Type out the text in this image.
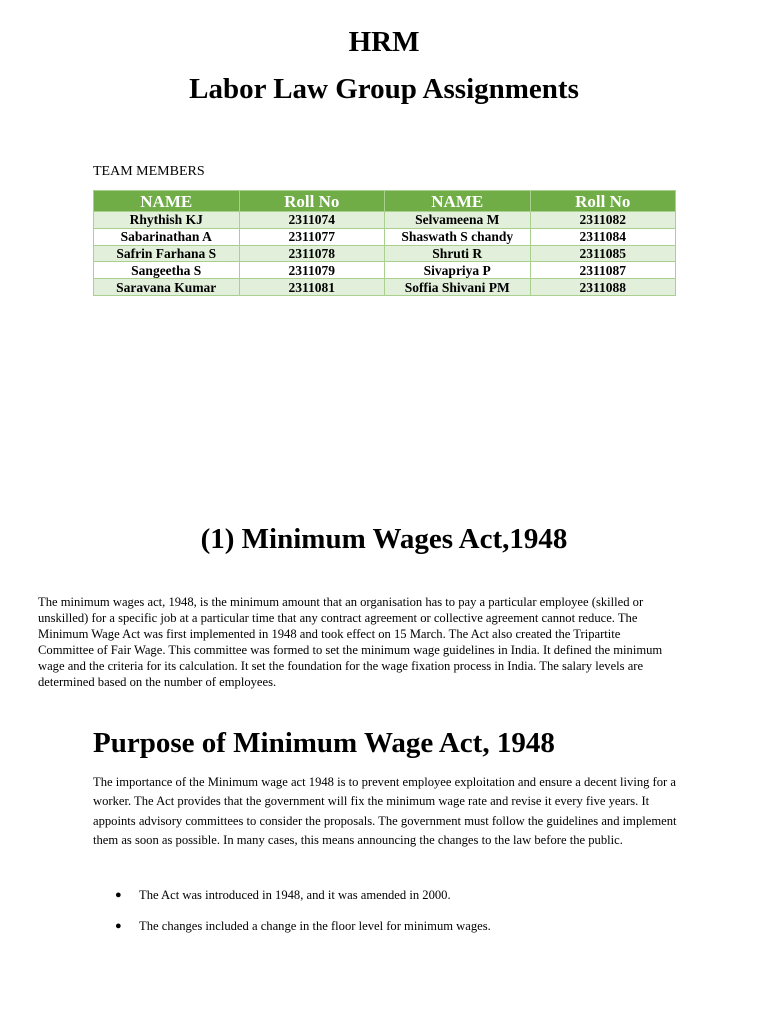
HRM
Labor Law Group Assignments
TEAM MEMBERS
NAME	Roll No	NAME	Roll No
Rhythish KJ	2311074	Selvameena M	2311082
Sabarinathan A	2311077	Shaswath S chandy	2311084
Safrin Farhana S	2311078	Shruti R	2311085
Sangeetha S	2311079	Sivapriya P	2311087
Saravana Kumar	2311081	Soffia Shivani PM	2311088
(1) Minimum Wages Act,1948

The minimum wages act, 1948, is the minimum amount that an organisation has to pay a particular employee (skilled or unskilled) for a specific job at a particular time that any contract agreement or collective agreement cannot reduce. The Minimum Wage Act was first implemented in 1948 and took effect on 15 March. The Act also created the Tripartite Committee of Fair Wage. This committee was formed to set the minimum wage guidelines in India. It defined the minimum wage and the criteria for its calculation. It set the foundation for the wage fixation process in India. The salary levels are determined based on the number of employees.

Purpose of Minimum Wage Act, 1948

The importance of the Minimum wage act 1948 is to prevent employee exploitation and ensure a decent living for a worker. The Act provides that the government will fix the minimum wage rate and revise it every five years. It appoints advisory committees to consider the proposals. The government must follow the guidelines and implement them as soon as possible. In many cases, this means announcing the changes to the law before the public.

● The Act was introduced in 1948, and it was amended in 2000.
● The changes included a change in the floor level for minimum wages.
